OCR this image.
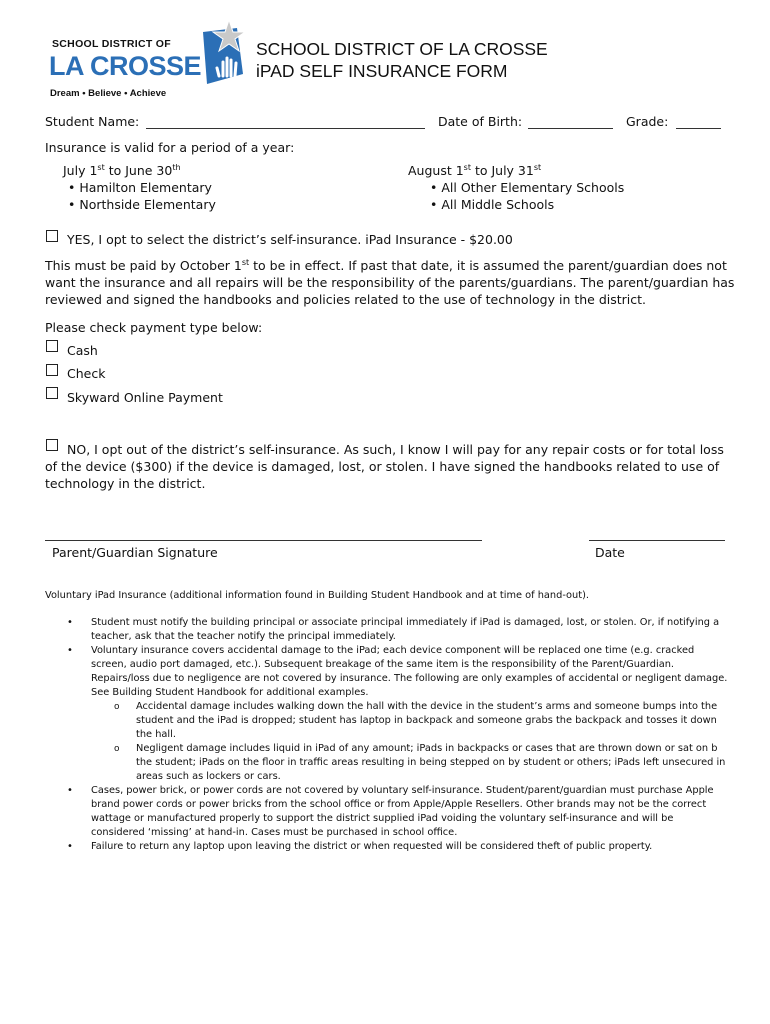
SCHOOL DISTRICT OF
LA CROSSE
Dream • Believe • Achieve
SCHOOL DISTRICT OF LA CROSSE
iPAD SELF INSURANCE FORM
Student Name:	Date of Birth:	Grade:
Insurance is valid for a period of a year:
July 1st to June 30th
• Hamilton Elementary
• Northside Elementary
August 1st to July 31st
• All Other Elementary Schools
• All Middle Schools
YES, I opt to select the district’s self-insurance. iPad Insurance - $20.00
This must be paid by October 1st to be in effect. If past that date, it is assumed the parent/guardian does not
want the insurance and all repairs will be the responsibility of the parents/guardians. The parent/guardian has
reviewed and signed the handbooks and policies related to the use of technology in the district.
Please check payment type below:
Cash
Check
Skyward Online Payment
NO, I opt out of the district’s self-insurance. As such, I know I will pay for any repair costs or for total loss
of the device ($300) if the device is damaged, lost, or stolen. I have signed the handbooks related to use of
technology in the district.
Parent/Guardian Signature	Date
Voluntary iPad Insurance (additional information found in Building Student Handbook and at time of hand-out).
• Student must notify the building principal or associate principal immediately if iPad is damaged, lost, or stolen. Or, if notifying a teacher, ask that the teacher notify the principal immediately.
• Voluntary insurance covers accidental damage to the iPad; each device component will be replaced one time (e.g. cracked screen, audio port damaged, etc.). Subsequent breakage of the same item is the responsibility of the Parent/Guardian. Repairs/loss due to negligence are not covered by insurance. The following are only examples of accidental or negligent damage. See Building Student Handbook for additional examples.
o Accidental damage includes walking down the hall with the device in the student’s arms and someone bumps into the student and the iPad is dropped; student has laptop in backpack and someone grabs the backpack and tosses it down the hall.
o Negligent damage includes liquid in iPad of any amount; iPads in backpacks or cases that are thrown down or sat on b the student; iPads on the floor in traffic areas resulting in being stepped on by student or others; iPads left unsecured in areas such as lockers or cars.
• Cases, power brick, or power cords are not covered by voluntary self-insurance. Student/parent/guardian must purchase Apple brand power cords or power bricks from the school office or from Apple/Apple Resellers. Other brands may not be the correct wattage or manufactured properly to support the district supplied iPad voiding the voluntary self-insurance and will be considered ‘missing’ at hand-in. Cases must be purchased in school office.
• Failure to return any laptop upon leaving the district or when requested will be considered theft of public property.
